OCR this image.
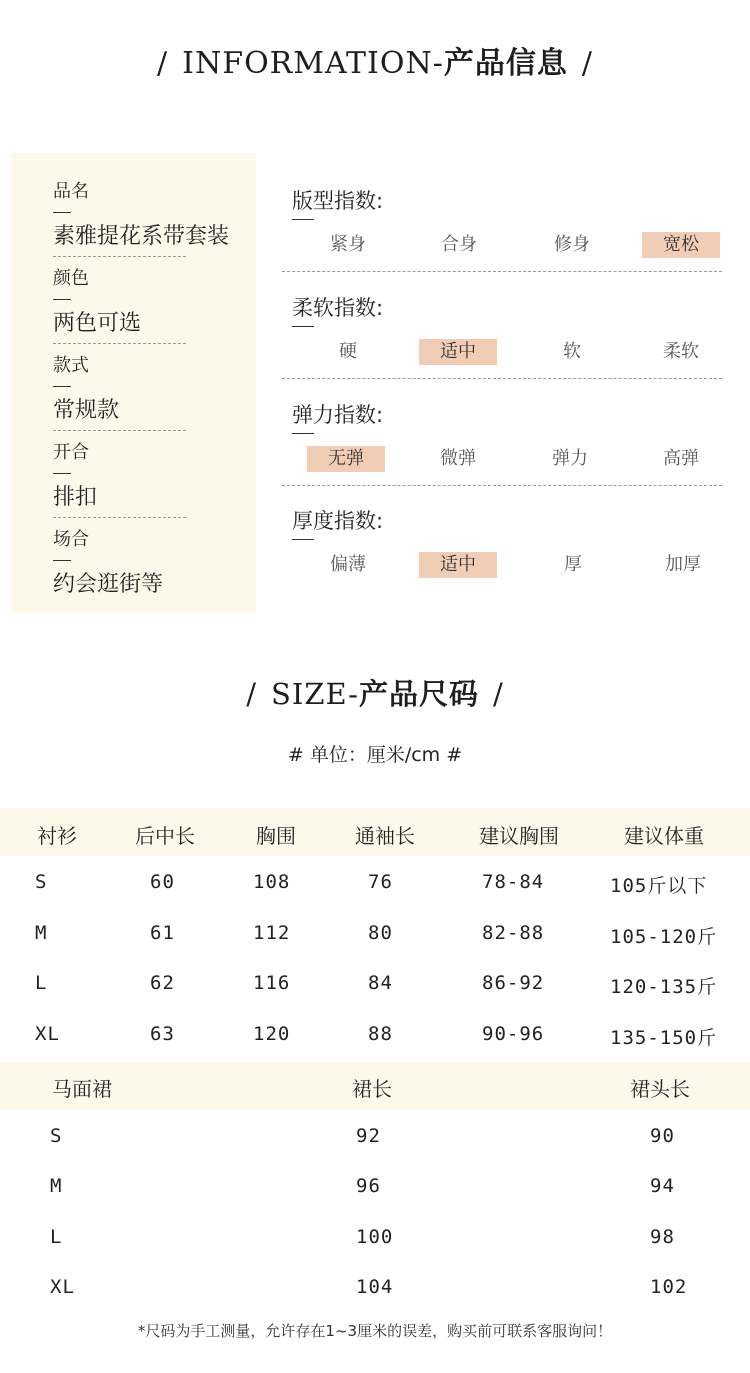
/ INFORMATION-产品信息 /
品名
素雅提花系带套装
颜色
两色可选
款式
常规款
开合
排扣
场合
约会逛街等
版型指数:
紧身	合身	修身	宽松
柔软指数:
硬	适中	软	柔软
弹力指数:
无弹	微弹	弹力	高弹
厚度指数:
偏薄	适中	厚	加厚
/ SIZE-产品尺码 /
# 单位：厘米/cm #
衬衫	后中长	胸围	通袖长	建议胸围	建议体重
S	60	108	76	78-84	105斤以下
M	61	112	80	82-88	105-120斤
L	62	116	84	86-92	120-135斤
XL	63	120	88	90-96	135-150斤
马面裙	裙长	裙头长
S	92	90
M	96	94
L	100	98
XL	104	102
*尺码为手工测量，允许存在1~3厘米的误差，购买前可联系客服询问！
